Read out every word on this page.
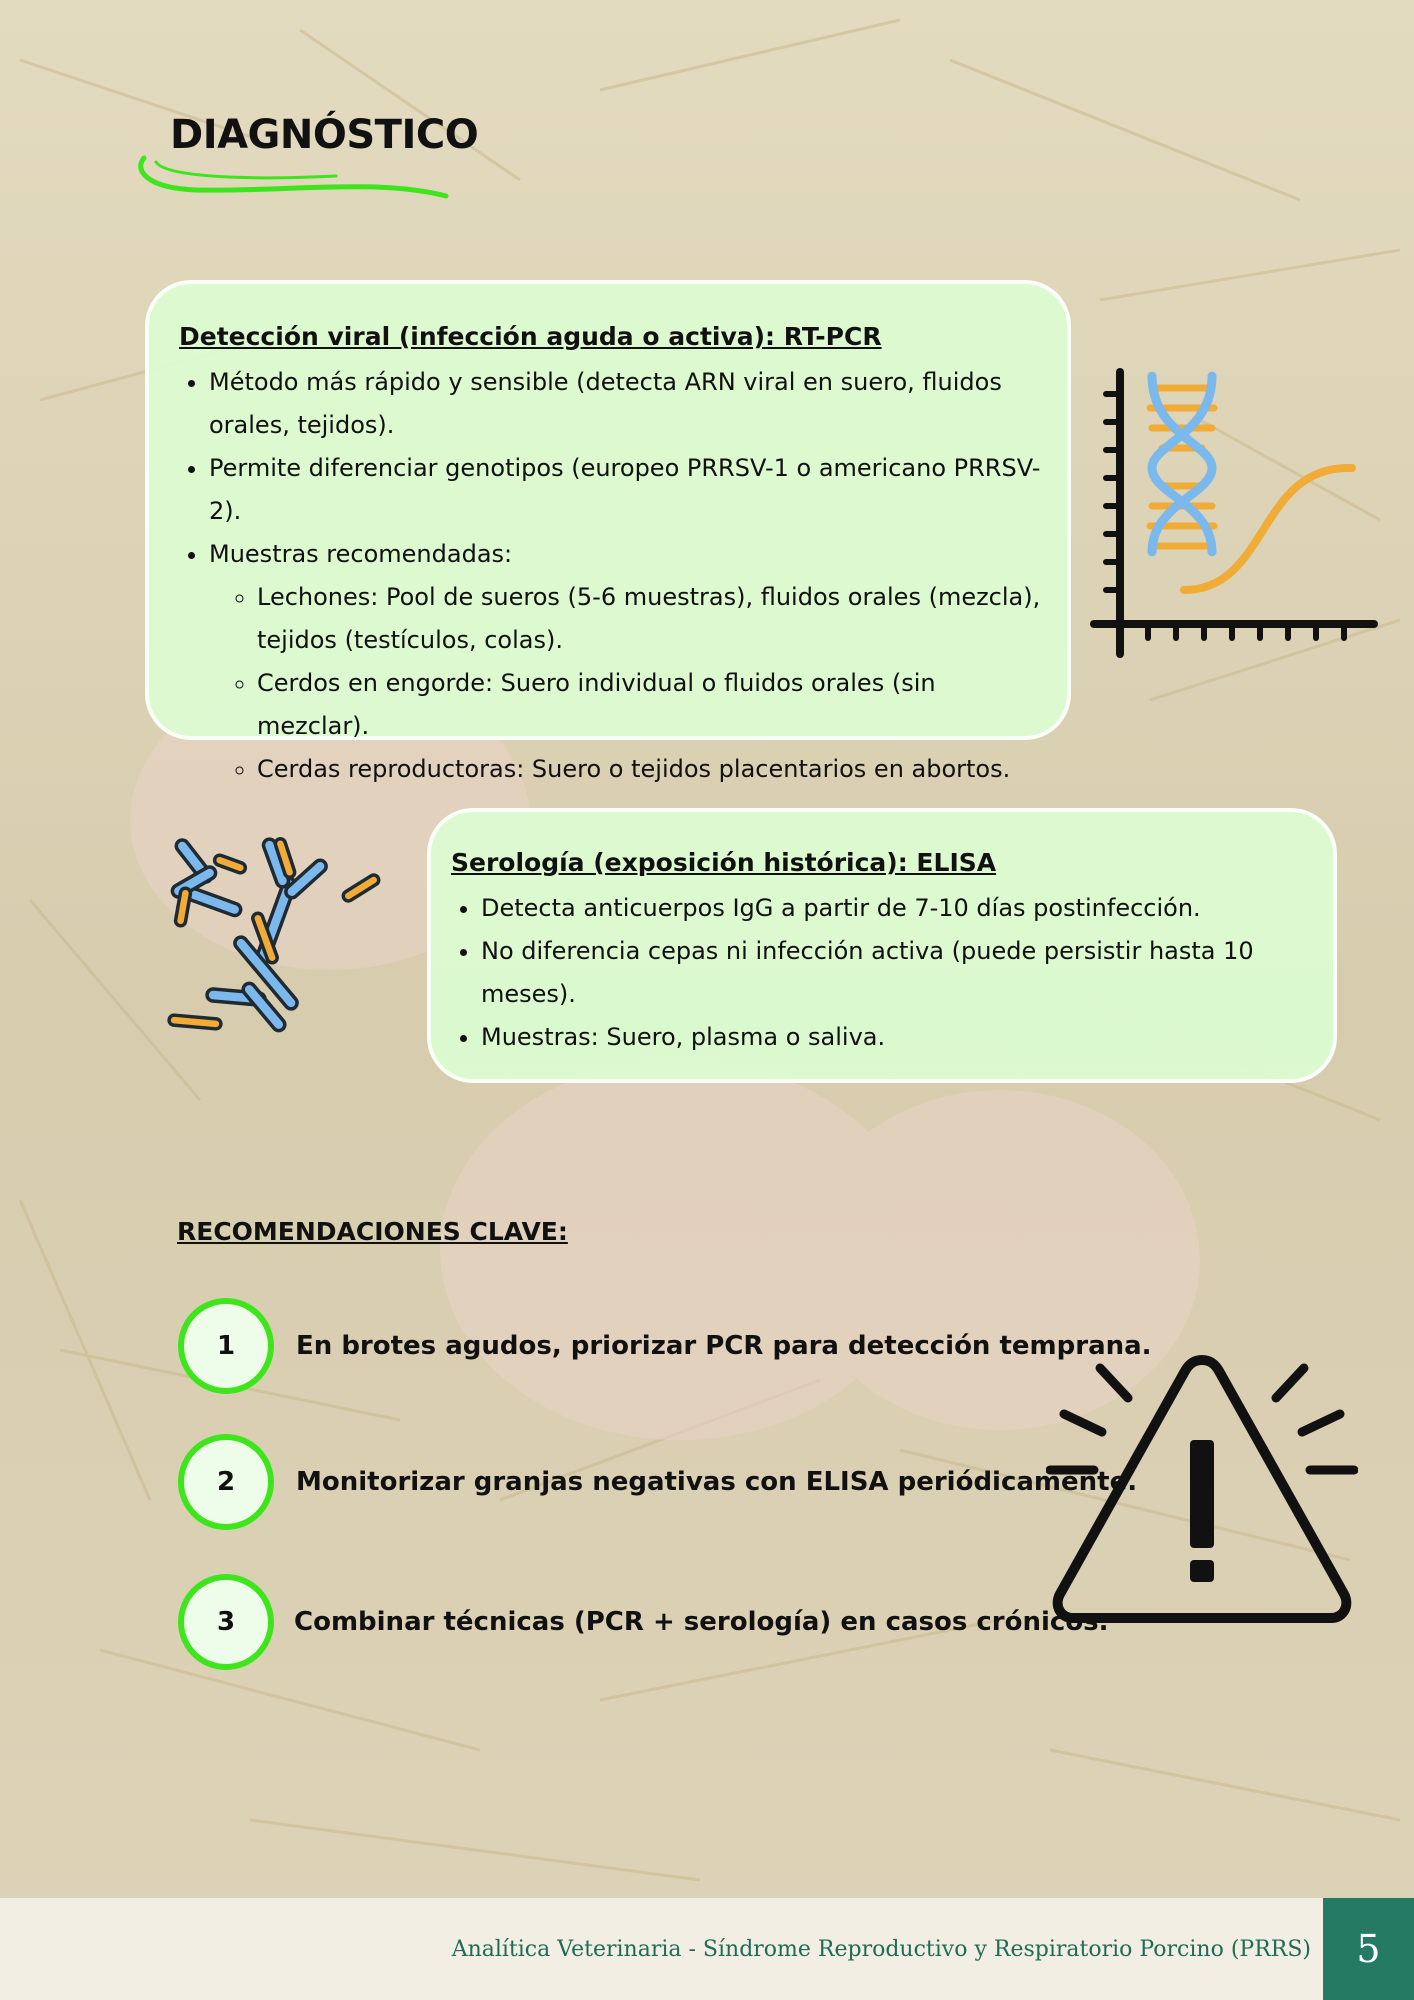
DIAGNÓSTICO

Detección viral (infección aguda o activa): RT-PCR

• Método más rápido y sensible (detecta ARN viral en suero, fluidos orales, tejidos).
• Permite diferenciar genotipos (europeo PRRSV-1 o americano PRRSV-2).
• Muestras recomendadas:
◦ Lechones: Pool de sueros (5-6 muestras), fluidos orales (mezcla), tejidos (testículos, colas).
◦ Cerdos en engorde: Suero individual o fluidos orales (sin mezclar).
◦ Cerdas reproductoras: Suero o tejidos placentarios en abortos.

Serología (exposición histórica): ELISA

• Detecta anticuerpos IgG a partir de 7-10 días postinfección.
• No diferencia cepas ni infección activa (puede persistir hasta 10 meses).
• Muestras: Suero, plasma o saliva.
RECOMENDACIONES CLAVE:
1	En brotes agudos, priorizar PCR para detección temprana.
2	Monitorizar granjas negativas con ELISA periódicamente.
3	Combinar técnicas (PCR + serología) en casos crónicos.
Analítica Veterinaria - Síndrome Reproductivo y Respiratorio Porcino (PRRS)	5
